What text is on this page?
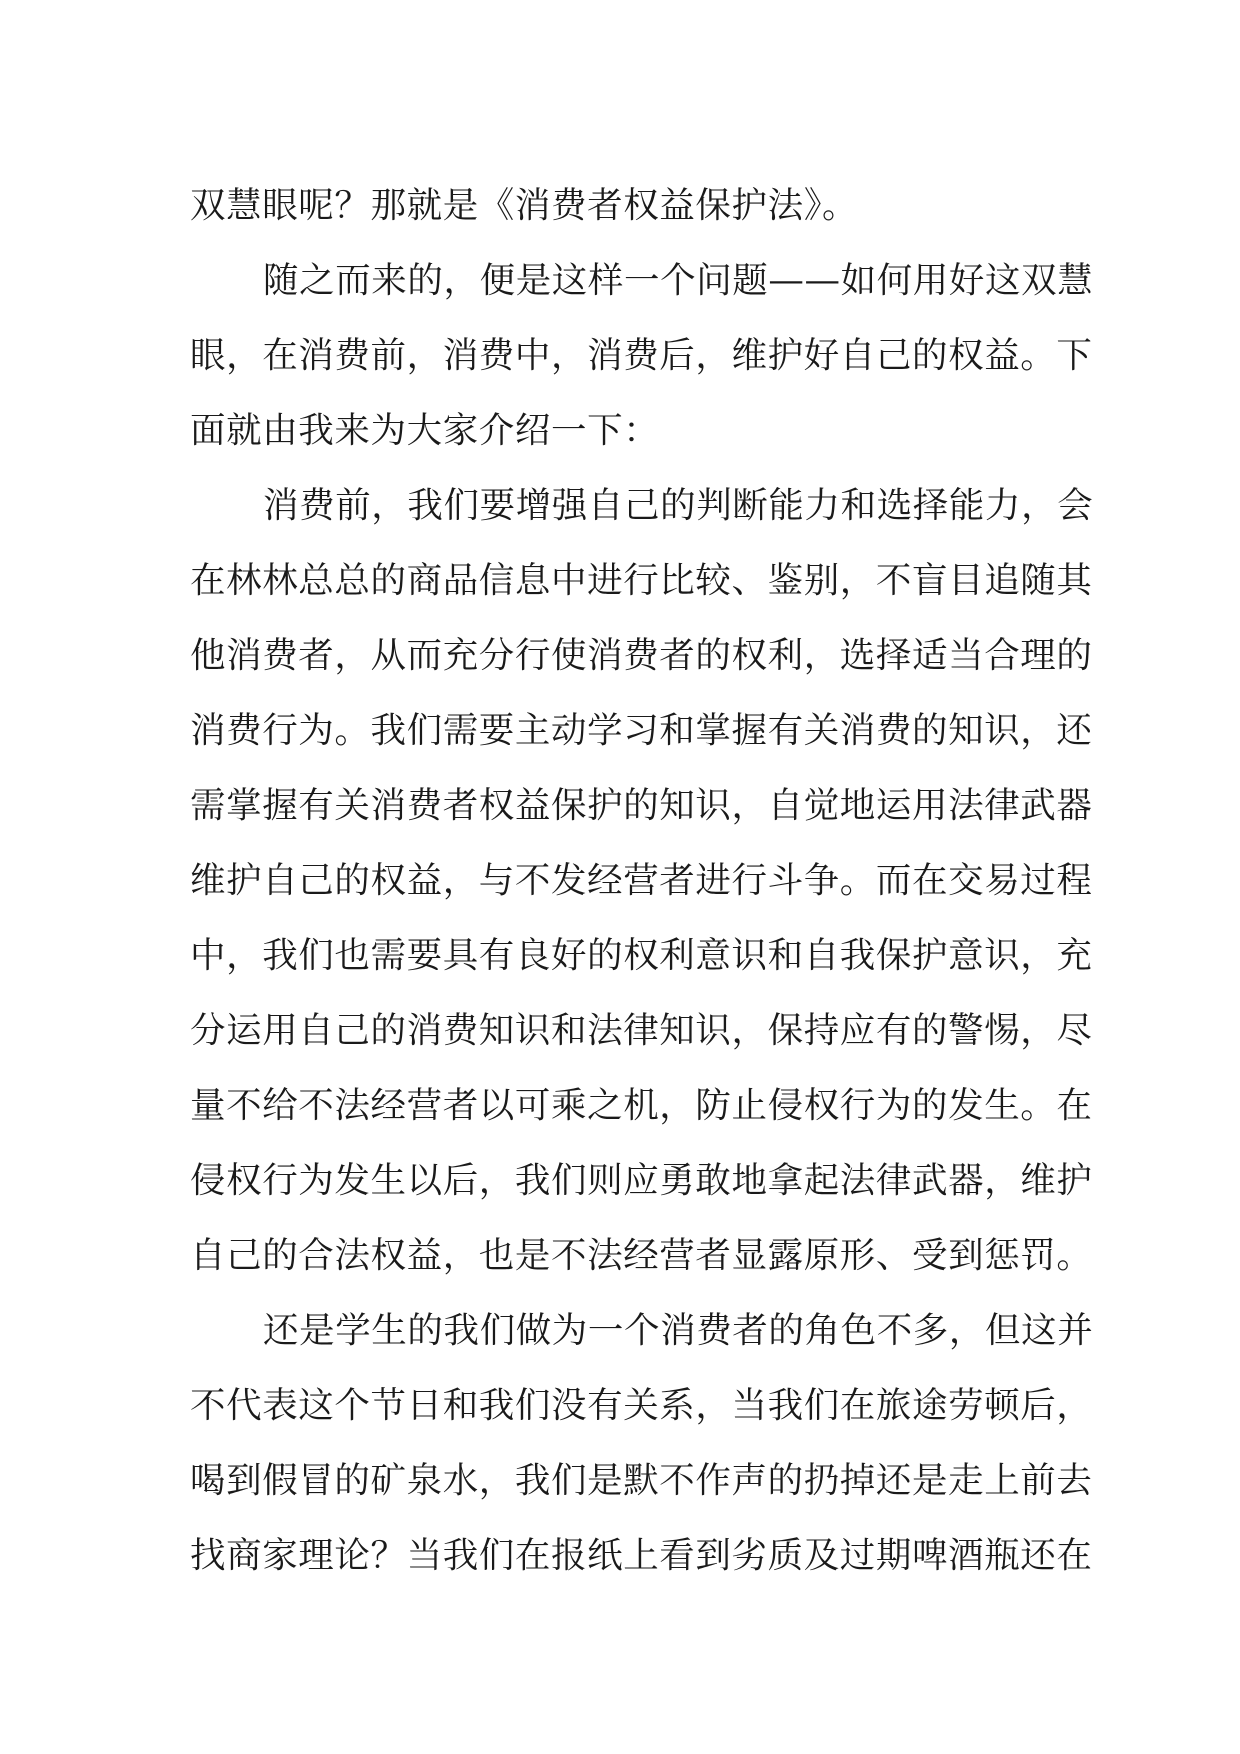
双慧眼呢？那就是《消费者权益保护法》。
随之而来的，便是这样一个问题——如何用好这双慧
眼，在消费前，消费中，消费后，维护好自己的权益。下
面就由我来为大家介绍一下：
消费前，我们要增强自己的判断能力和选择能力，会
在林林总总的商品信息中进行比较、鉴别，不盲目追随其
他消费者，从而充分行使消费者的权利，选择适当合理的
消费行为。我们需要主动学习和掌握有关消费的知识，还
需掌握有关消费者权益保护的知识，自觉地运用法律武器
维护自己的权益，与不发经营者进行斗争。而在交易过程
中，我们也需要具有良好的权利意识和自我保护意识，充
分运用自己的消费知识和法律知识，保持应有的警惕，尽
量不给不法经营者以可乘之机，防止侵权行为的发生。在
侵权行为发生以后，我们则应勇敢地拿起法律武器，维护
自己的合法权益，也是不法经营者显露原形、受到惩罚。
还是学生的我们做为一个消费者的角色不多，但这并
不代表这个节日和我们没有关系，当我们在旅途劳顿后，
喝到假冒的矿泉水，我们是默不作声的扔掉还是走上前去
找商家理论？当我们在报纸上看到劣质及过期啤酒瓶还在
